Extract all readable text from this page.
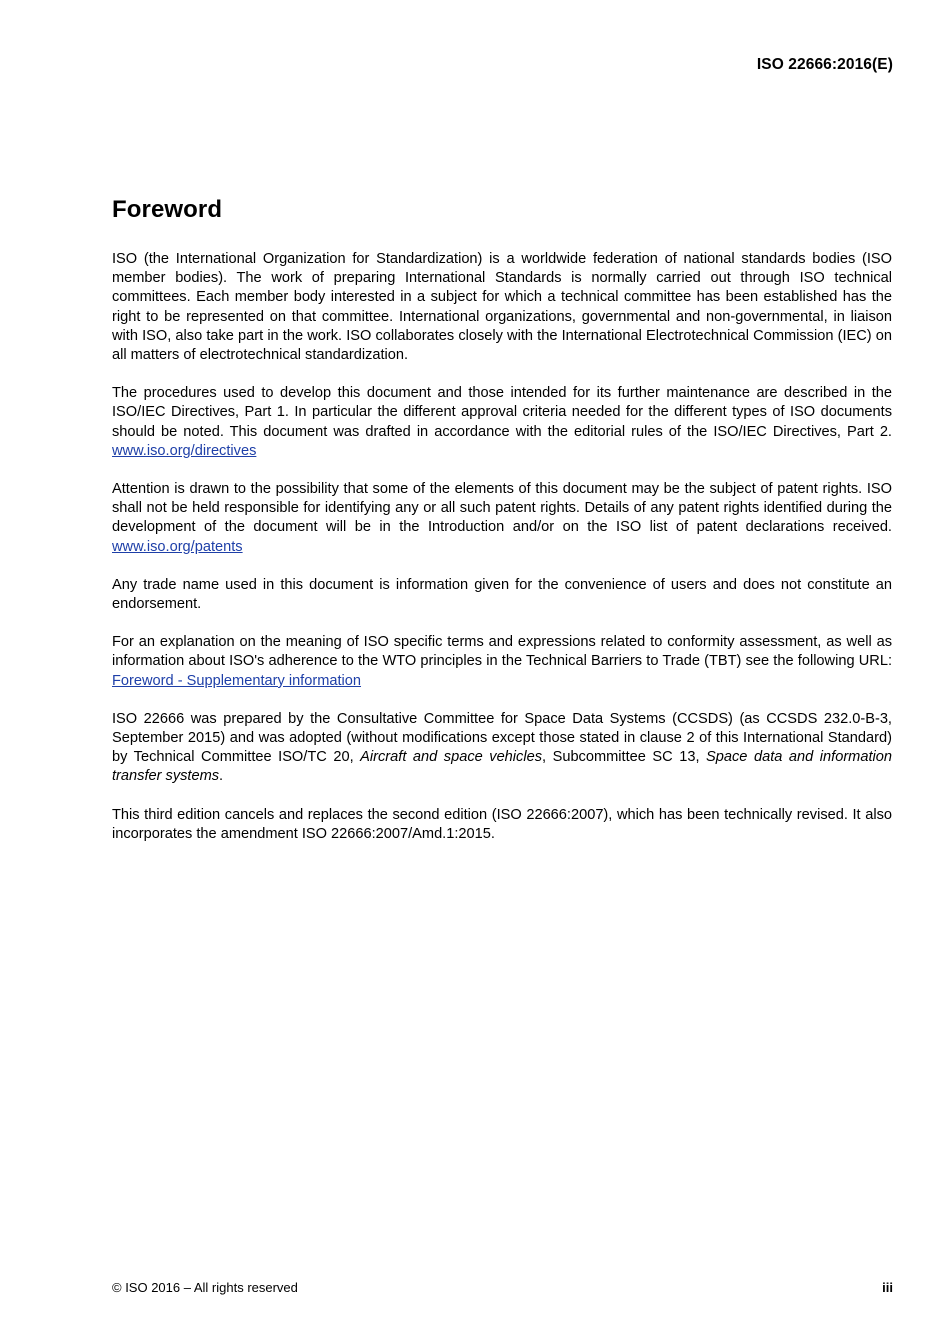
ISO 22666:2016(E)
Foreword

ISO (the International Organization for Standardization) is a worldwide federation of national standards bodies (ISO member bodies). The work of preparing International Standards is normally carried out through ISO technical committees. Each member body interested in a subject for which a technical committee has been established has the right to be represented on that committee. International organizations, governmental and non-governmental, in liaison with ISO, also take part in the work. ISO collaborates closely with the International Electrotechnical Commission (IEC) on all matters of electrotechnical standardization.

The procedures used to develop this document and those intended for its further maintenance are described in the ISO/IEC Directives, Part 1. In particular the different approval criteria needed for the different types of ISO documents should be noted. This document was drafted in accordance with the editorial rules of the ISO/IEC Directives, Part 2. www.iso.org/directives

Attention is drawn to the possibility that some of the elements of this document may be the subject of patent rights. ISO shall not be held responsible for identifying any or all such patent rights. Details of any patent rights identified during the development of the document will be in the Introduction and/or on the ISO list of patent declarations received. www.iso.org/patents

Any trade name used in this document is information given for the convenience of users and does not constitute an endorsement.

For an explanation on the meaning of ISO specific terms and expressions related to conformity assessment, as well as information about ISO's adherence to the WTO principles in the Technical Barriers to Trade (TBT) see the following URL: Foreword - Supplementary information

ISO 22666 was prepared by the Consultative Committee for Space Data Systems (CCSDS) (as CCSDS 232.0-B-3, September 2015) and was adopted (without modifications except those stated in clause 2 of this International Standard) by Technical Committee ISO/TC 20, Aircraft and space vehicles, Subcommittee SC 13, Space data and information transfer systems.

This third edition cancels and replaces the second edition (ISO 22666:2007), which has been technically revised. It also incorporates the amendment ISO 22666:2007/Amd.1:2015.

© ISO 2016 – All rights reserved	iii
